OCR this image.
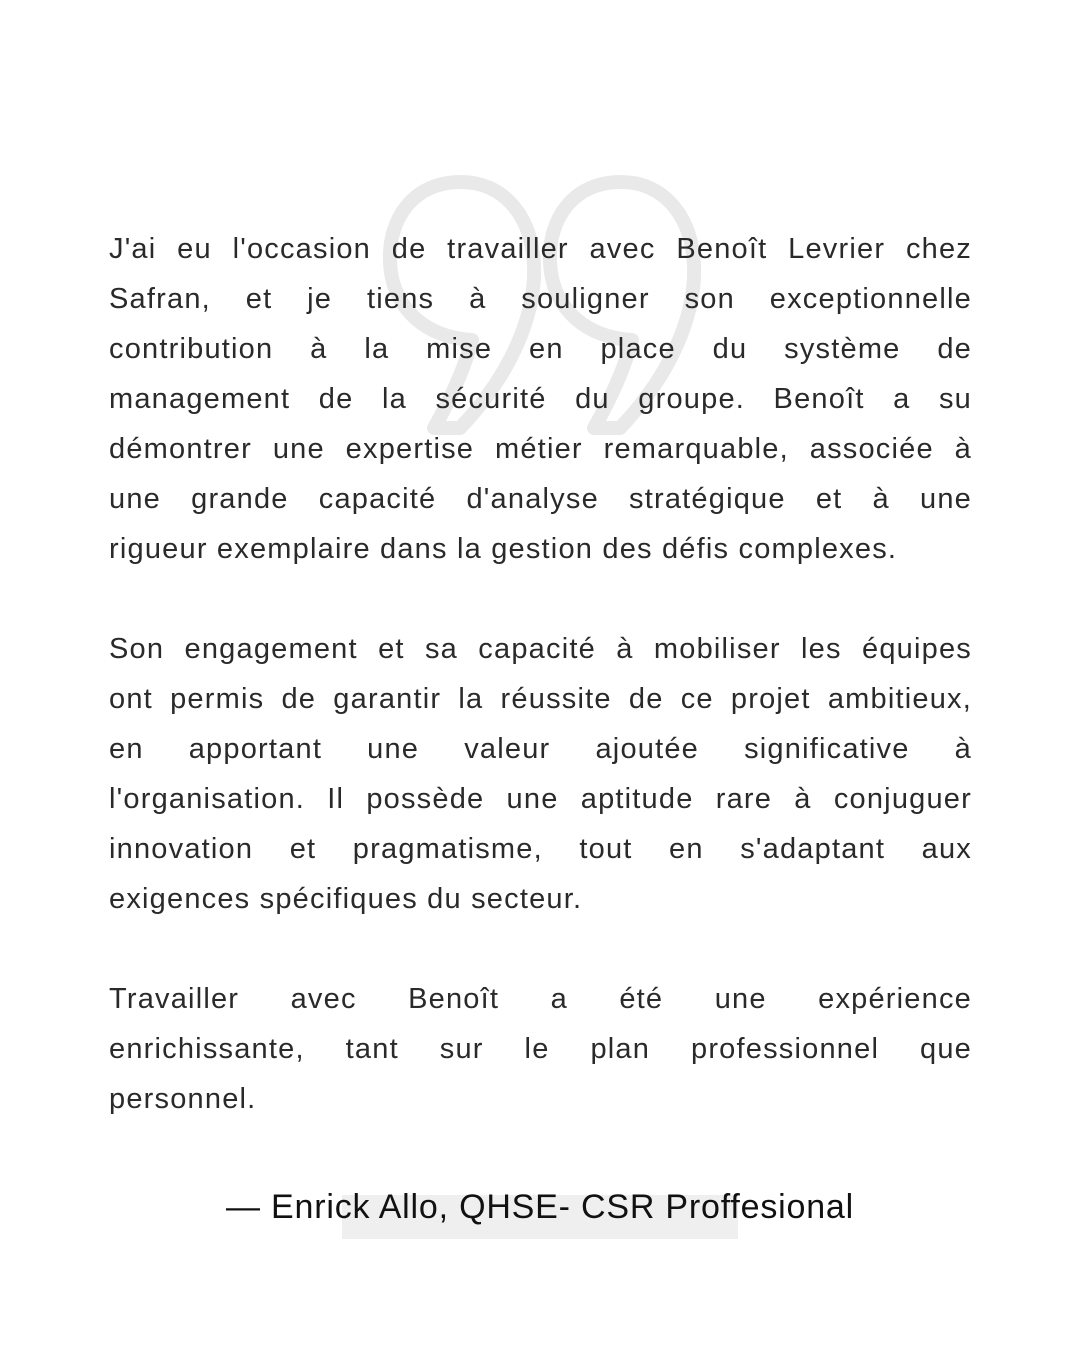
J'ai eu l'occasion de travailler avec Benoît Levrier chez
Safran, et je tiens à souligner son exceptionnelle
contribution à la mise en place du système de
management de la sécurité du groupe. Benoît a su
démontrer une expertise métier remarquable, associée à
une grande capacité d'analyse stratégique et à une
rigueur exemplaire dans la gestion des défis complexes.
Son engagement et sa capacité à mobiliser les équipes
ont permis de garantir la réussite de ce projet ambitieux,
en apportant une valeur ajoutée significative à
l'organisation. Il possède une aptitude rare à conjuguer
innovation et pragmatisme, tout en s'adaptant aux
exigences spécifiques du secteur.
Travailler avec Benoît a été une expérience
enrichissante, tant sur le plan professionnel que
personnel.
— Enrick Allo, QHSE- CSR Proffesional
